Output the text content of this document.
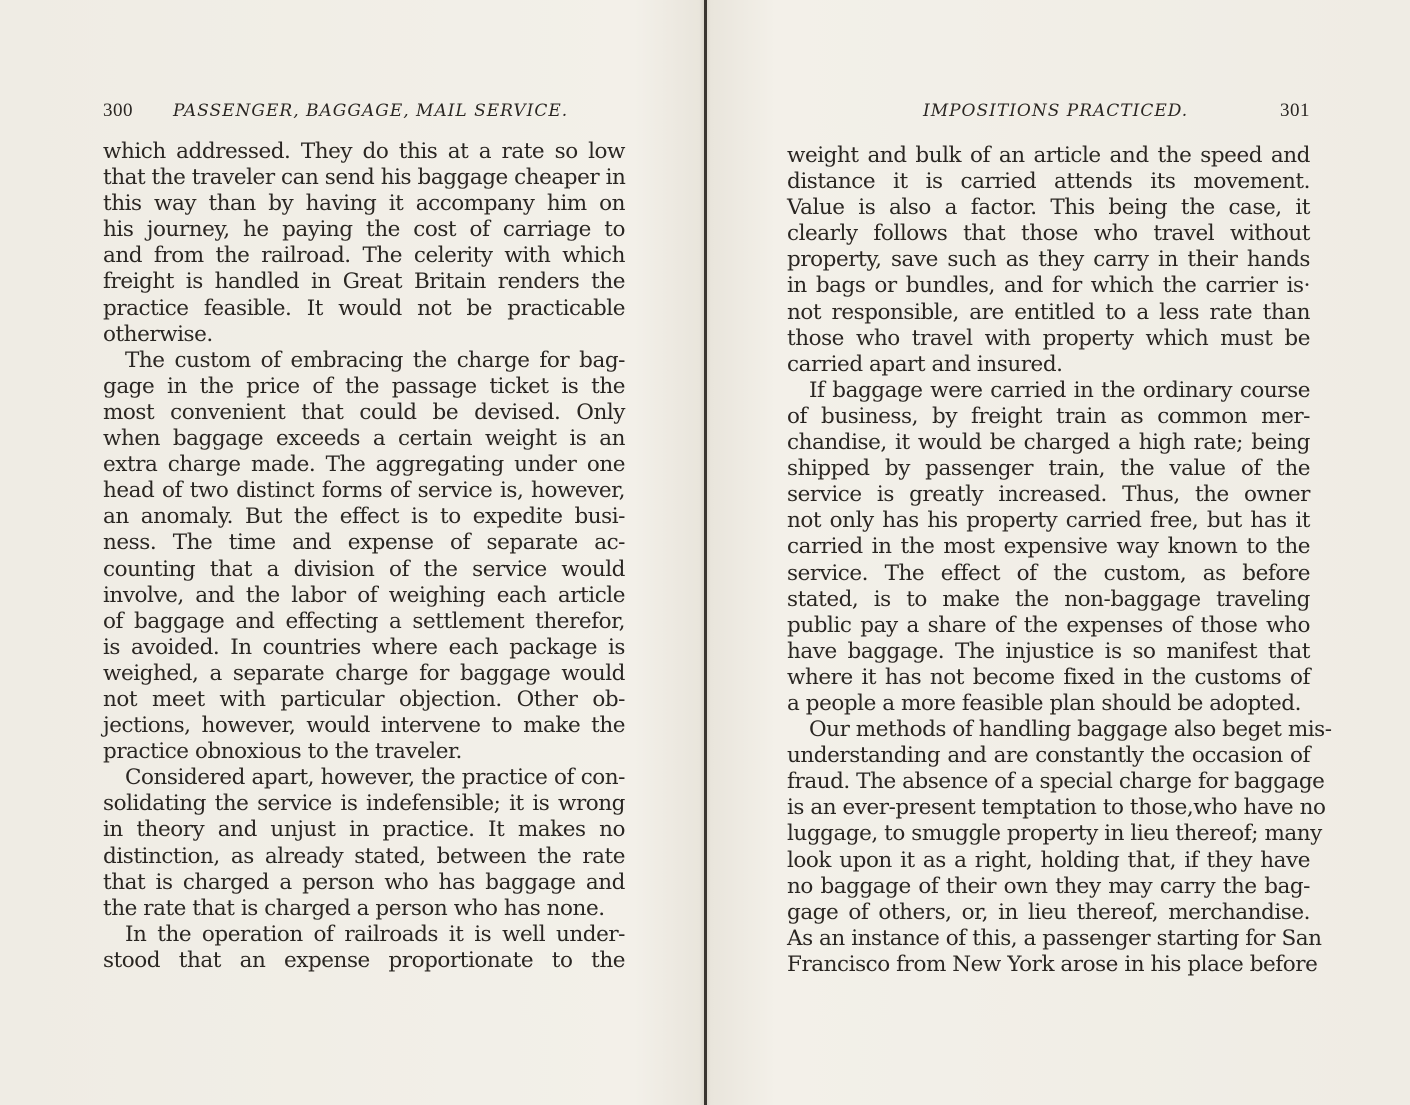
300 PASSENGER, BAGGAGE, MAIL SERVICE.
which addressed. They do this at a rate so low
that the traveler can send his baggage cheaper in
this way than by having it accompany him on
his journey, he paying the cost of carriage to
and from the railroad. The celerity with which
freight is handled in Great Britain renders the
practice feasible. It would not be practicable
otherwise.
The custom of embracing the charge for bag-
gage in the price of the passage ticket is the
most convenient that could be devised. Only
when baggage exceeds a certain weight is an
extra charge made. The aggregating under one
head of two distinct forms of service is, however,
an anomaly. But the effect is to expedite busi-
ness. The time and expense of separate ac-
counting that a division of the service would
involve, and the labor of weighing each article
of baggage and effecting a settlement therefor,
is avoided. In countries where each package is
weighed, a separate charge for baggage would
not meet with particular objection. Other ob-
jections, however, would intervene to make the
practice obnoxious to the traveler.
Considered apart, however, the practice of con-
solidating the service is indefensible; it is wrong
in theory and unjust in practice. It makes no
distinction, as already stated, between the rate
that is charged a person who has baggage and
the rate that is charged a person who has none.
In the operation of railroads it is well under-
stood that an expense proportionate to the
IMPOSITIONS PRACTICED.	301
weight and bulk of an article and the speed and
distance it is carried attends its movement.
Value is also a factor. This being the case, it
clearly follows that those who travel without
property, save such as they carry in their hands
in bags or bundles, and for which the carrier is·
not responsible, are entitled to a less rate than
those who travel with property which must be
carried apart and insured.
If baggage were carried in the ordinary course
of business, by freight train as common mer-
chandise, it would be charged a high rate; being
shipped by passenger train, the value of the
service is greatly increased. Thus, the owner
not only has his property carried free, but has it
carried in the most expensive way known to the
service. The effect of the custom, as before
stated, is to make the non-baggage traveling
public pay a share of the expenses of those who
have baggage. The injustice is so manifest that
where it has not become fixed in the customs of
a people a more feasible plan should be adopted.
Our methods of handling baggage also beget mis-
understanding and are constantly the occasion of
fraud. The absence of a special charge for baggage
is an ever-present temptation to those,who have no
luggage, to smuggle property in lieu thereof; many
look upon it as a right, holding that, if they have
no baggage of their own they may carry the bag-
gage of others, or, in lieu thereof, merchandise.
As an instance of this, a passenger starting for San
Francisco from New York arose in his place before
